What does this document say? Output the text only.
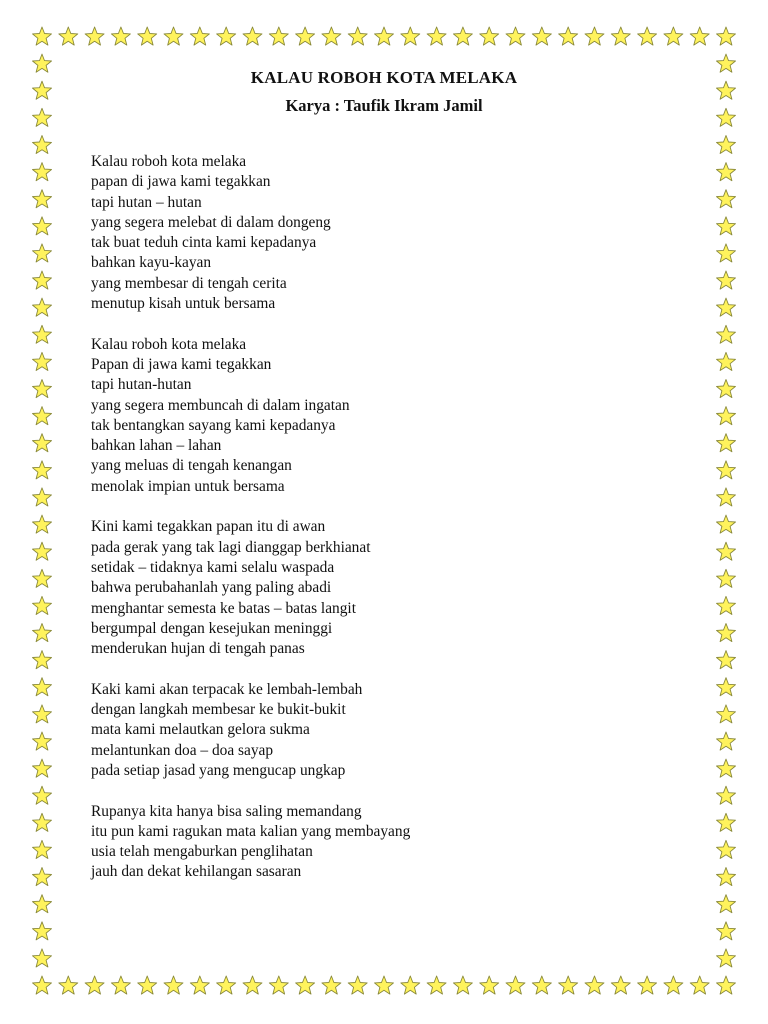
KALAU ROBOH KOTA MELAKA
Karya : Taufik Ikram Jamil
Kalau roboh kota melaka
papan di jawa kami tegakkan
tapi hutan – hutan
yang segera melebat di dalam dongeng
tak buat teduh cinta kami kepadanya
bahkan kayu-kayan
yang membesar di tengah cerita
menutup kisah untuk bersama
Kalau roboh kota melaka
Papan di jawa kami tegakkan
tapi hutan-hutan
yang segera membuncah di dalam ingatan
tak bentangkan sayang kami kepadanya
bahkan lahan – lahan
yang meluas di tengah kenangan
menolak impian untuk bersama
Kini kami tegakkan papan itu di awan
pada gerak yang tak lagi dianggap berkhianat
setidak – tidaknya kami selalu waspada
bahwa perubahanlah yang paling abadi
menghantar semesta ke batas – batas langit
bergumpal dengan kesejukan meninggi
menderukan hujan di tengah panas
Kaki kami akan terpacak ke lembah-lembah
dengan langkah membesar ke bukit-bukit
mata kami melautkan gelora sukma
melantunkan doa – doa sayap
pada setiap jasad yang mengucap ungkap
Rupanya kita hanya bisa saling memandang
itu pun kami ragukan mata kalian yang membayang
usia telah mengaburkan penglihatan
jauh dan dekat kehilangan sasaran
